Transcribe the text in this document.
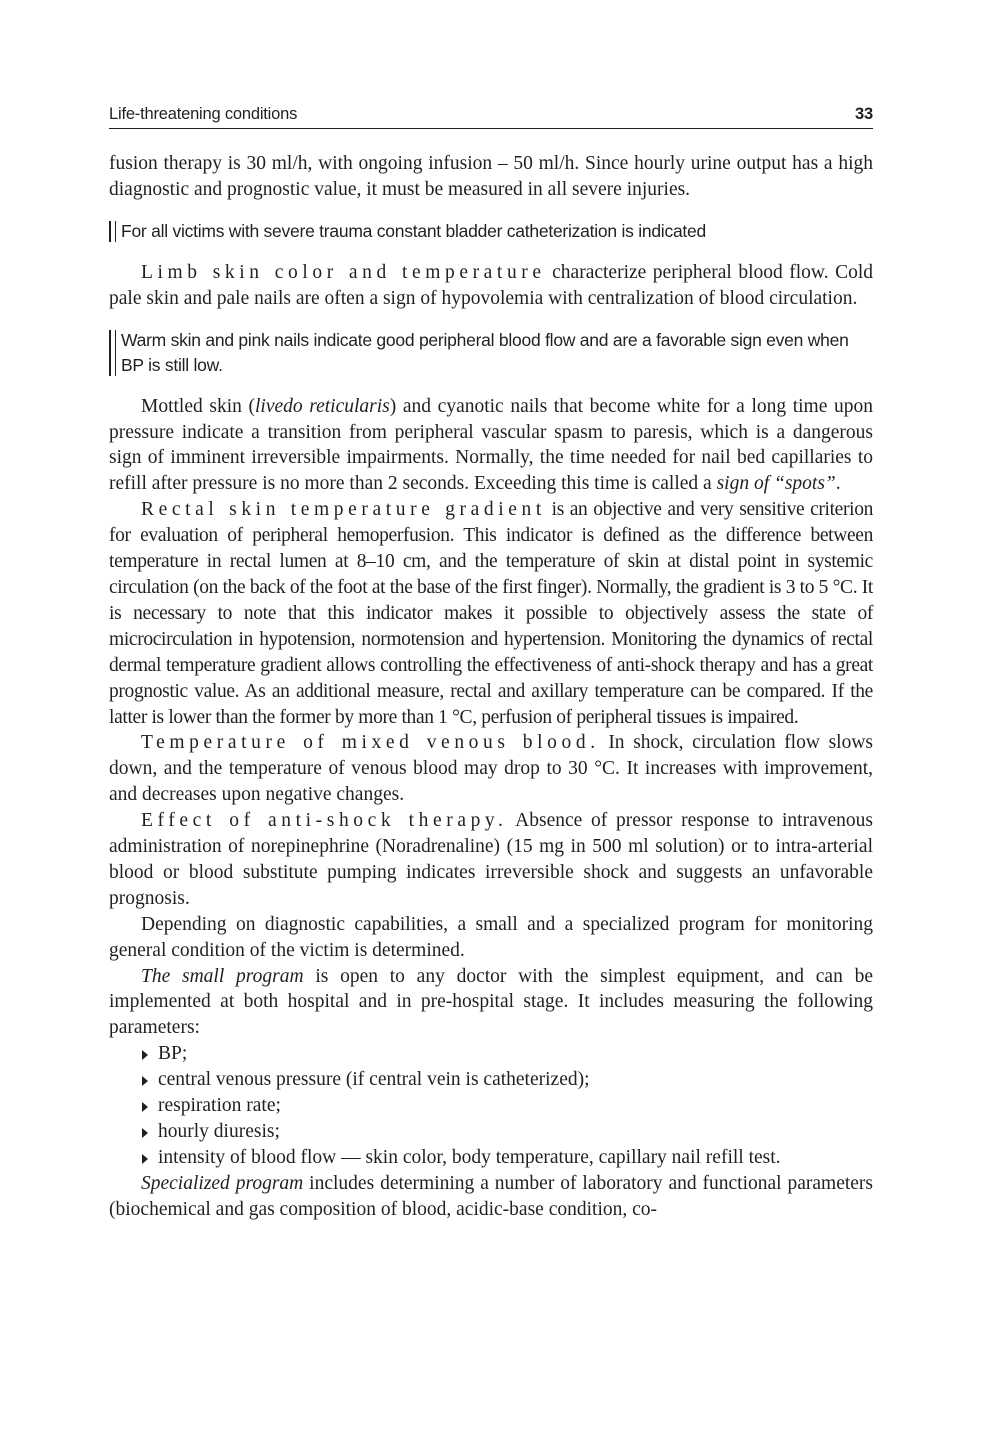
Life-threatening conditions	33

fusion therapy is 30 ml/h, with ongoing infusion – 50 ml/h. Since hourly urine output has a high diagnostic and prognostic value, it must be measured in all severe injuries.

For all victims with severe trauma constant bladder catheterization is indicated

Limb skin color and temperature characterize peripheral blood flow. Cold pale skin and pale nails are often a sign of hypovolemia with centralization of blood circulation.

Warm skin and pink nails indicate good peripheral blood flow and are a favorable sign even when BP is still low.

Mottled skin (livedo reticularis) and cyanotic nails that become white for a long time upon pressure indicate a transition from peripheral vascular spasm to paresis, which is a dangerous sign of imminent irreversible impairments. Normally, the time needed for nail bed capillaries to refill after pressure is no more than 2 seconds. Exceeding this time is called a sign of “spots”.

Rectal skin temperature gradient is an objective and very sensitive criterion for evaluation of peripheral hemoperfusion. This indicator is defined as the difference between temperature in rectal lumen at 8–10 cm, and the temperature of skin at distal point in systemic circulation (on the back of the foot at the base of the first finger). Normally, the gradient is 3 to 5 °C. It is necessary to note that this indicator makes it possible to objectively assess the state of microcirculation in hypotension, normotension and hypertension. Monitoring the dynamics of rectal dermal temperature gradient allows controlling the effectiveness of anti-shock therapy and has a great prognostic value. As an additional measure, rectal and axillary temperature can be compared. If the latter is lower than the former by more than 1 °C, perfusion of peripheral tissues is impaired.

Temperature of mixed venous blood. In shock, circulation flow slows down, and the temperature of venous blood may drop to 30 °C. It increases with improvement, and decreases upon negative changes.

Effect of anti-shock therapy. Absence of pressor response to intravenous administration of norepinephrine (Noradrenaline) (15 mg in 500 ml solution) or to intra-arterial blood or blood substitute pumping indicates irreversible shock and suggests an unfavorable prognosis.

Depending on diagnostic capabilities, a small and a specialized program for monitoring general condition of the victim is determined.

The small program is open to any doctor with the simplest equipment, and can be implemented at both hospital and in pre-hospital stage. It includes measuring the following parameters:

BP;
central venous pressure (if central vein is catheterized);
respiration rate;
hourly diuresis;
intensity of blood flow — skin color, body temperature, capillary nail refill test.

Specialized program includes determining a number of laboratory and functional parameters (biochemical and gas composition of blood, acidic-base condition, co-
